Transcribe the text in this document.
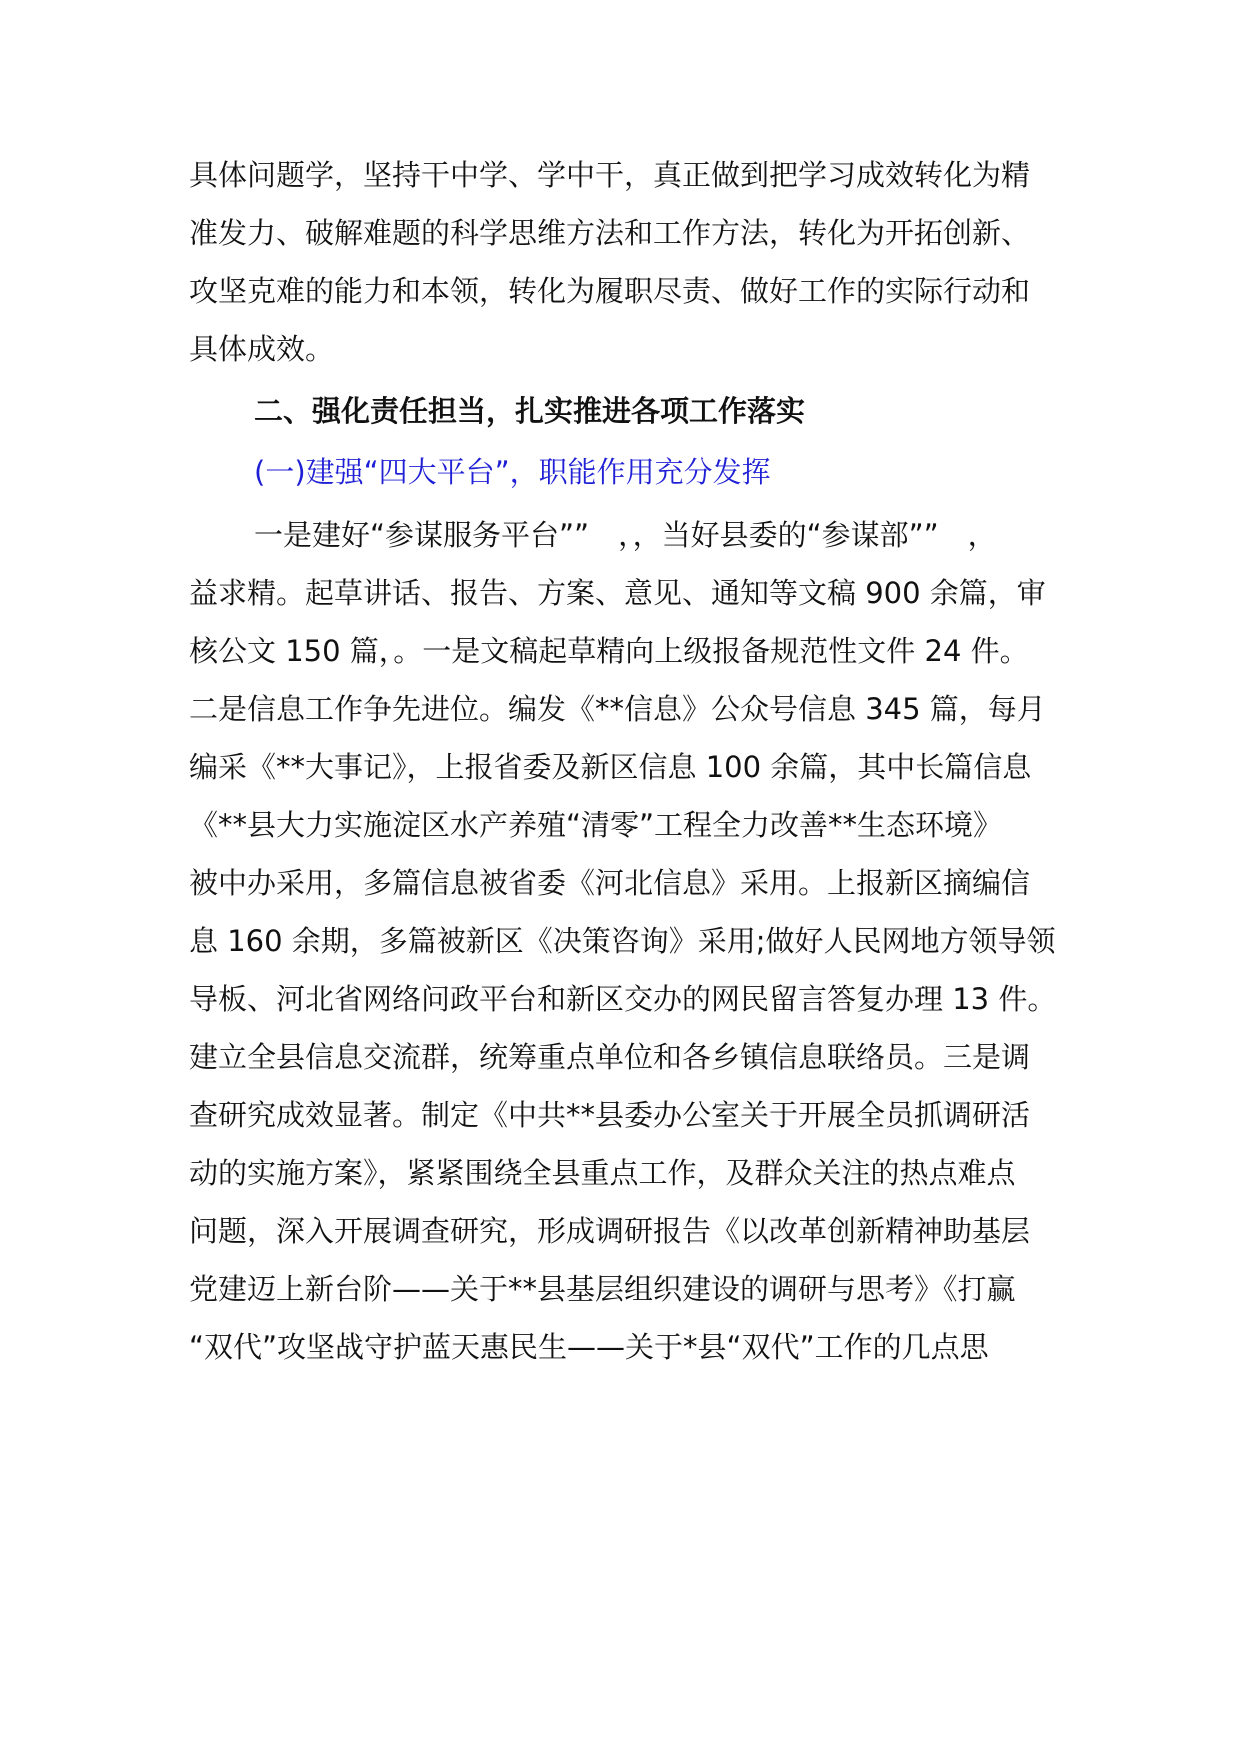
具体问题学，坚持干中学、学中干，真正做到把学习成效转化为精
准发力、破解难题的科学思维方法和工作方法，转化为开拓创新、
攻坚克难的能力和本领，转化为履职尽责、做好工作的实际行动和
具体成效。
二、强化责任担当，扎实推进各项工作落实
(一)建强“四大平台”，职能作用充分发挥
一是建好“参谋服务平台””　，，当好县委的“参谋部””　，
益求精。起草讲话、报告、方案、意见、通知等文稿 900 余篇，审
核公文 150 篇，。一是文稿起草精向上级报备规范性文件 24 件。
二是信息工作争先进位。编发《**信息》公众号信息 345 篇，每月
编采《**大事记》，上报省委及新区信息 100 余篇，其中长篇信息
《**县大力实施淀区水产养殖“清零”工程全力改善**生态环境》
被中办采用，多篇信息被省委《河北信息》采用。上报新区摘编信
息 160 余期，多篇被新区《决策咨询》采用;做好人民网地方领导领
导板、河北省网络问政平台和新区交办的网民留言答复办理 13 件。
建立全县信息交流群，统筹重点单位和各乡镇信息联络员。三是调
查研究成效显著。制定《中共**县委办公室关于开展全员抓调研活
动的实施方案》，紧紧围绕全县重点工作，及群众关注的热点难点
问题，深入开展调查研究，形成调研报告《以改革创新精神助基层
党建迈上新台阶——关于**县基层组织建设的调研与思考》《打赢
“双代”攻坚战守护蓝天惠民生——关于*县“双代”工作的几点思
